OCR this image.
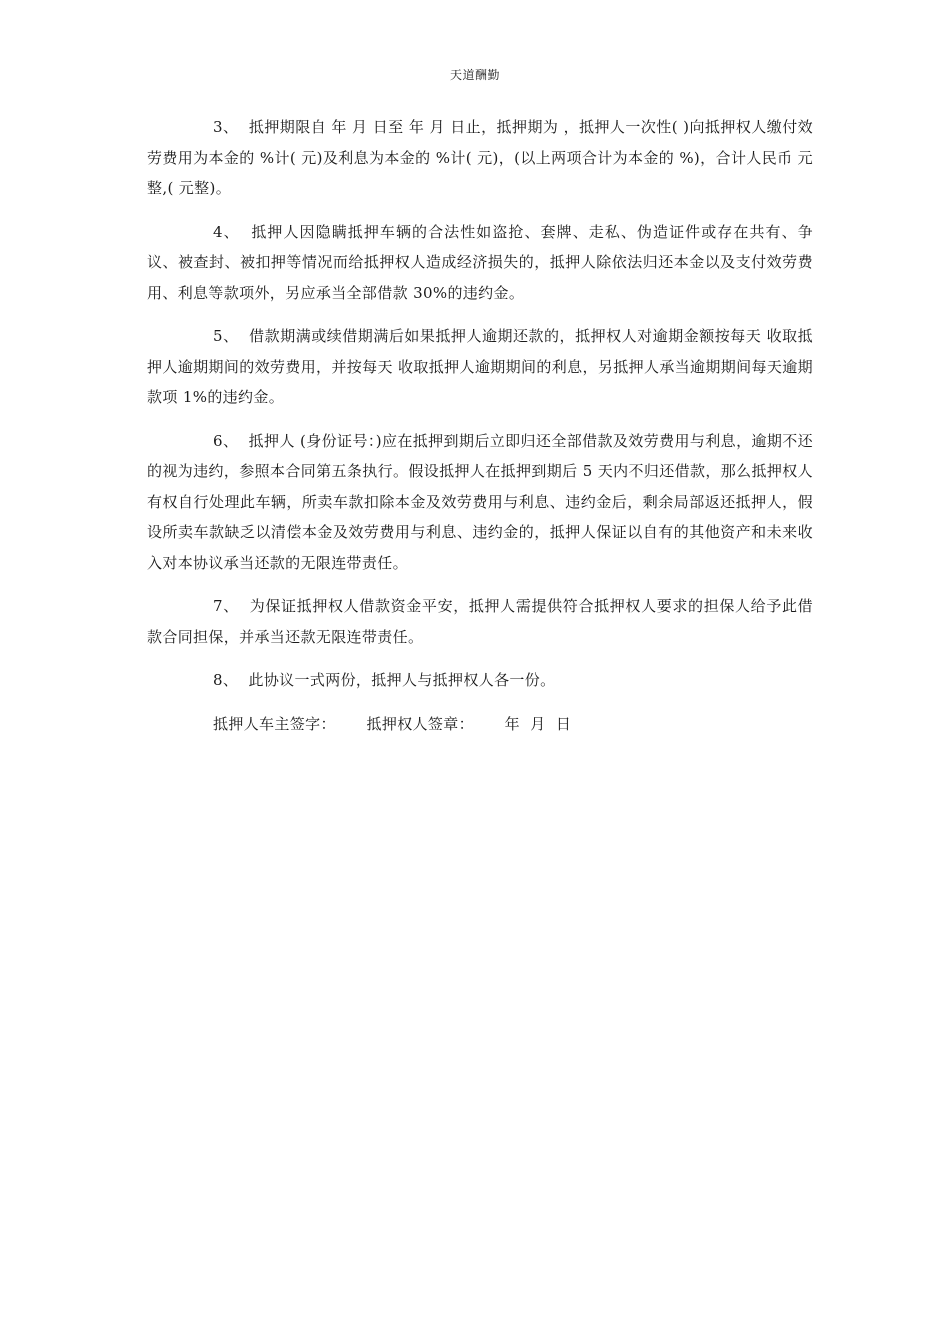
天道酬勤

3、  抵押期限自 年 月 日至 年 月 日止，抵押期为 ，抵押人一次性( )向抵押权人缴付效劳费用为本金的 %计( 元)及利息为本金的 %计( 元)，(以上两项合计为本金的 %)，合计人民币 元整,( 元整)。

4、  抵押人因隐瞒抵押车辆的合法性如盗抢、套牌、走私、伪造证件或存在共有、争议、被查封、被扣押等情况而给抵押权人造成经济损失的，抵押人除依法归还本金以及支付效劳费用、利息等款项外，另应承当全部借款 30%的违约金。

5、  借款期满或续借期满后如果抵押人逾期还款的，抵押权人对逾期金额按每天 收取抵押人逾期期间的效劳费用，并按每天 收取抵押人逾期期间的利息，另抵押人承当逾期期间每天逾期款项 1%的违约金。

6、  抵押人 (身份证号：)应在抵押到期后立即归还全部借款及效劳费用与利息，逾期不还的视为违约，参照本合同第五条执行。假设抵押人在抵押到期后 5 天内不归还借款，那么抵押权人 有权自行处理此车辆，所卖车款扣除本金及效劳费用与利息、违约金后，剩余局部返还抵押人，假设所卖车款缺乏以清偿本金及效劳费用与利息、违约金的，抵押人保证以自有的其他资产和未来收入对本协议承当还款的无限连带责任。

7、  为保证抵押权人借款资金平安，抵押人需提供符合抵押权人要求的担保人给予此借款合同担保，并承当还款无限连带责任。

8、  此协议一式两份，抵押人与抵押权人各一份。

抵押人车主签字：      抵押权人签章：      年  月  日
